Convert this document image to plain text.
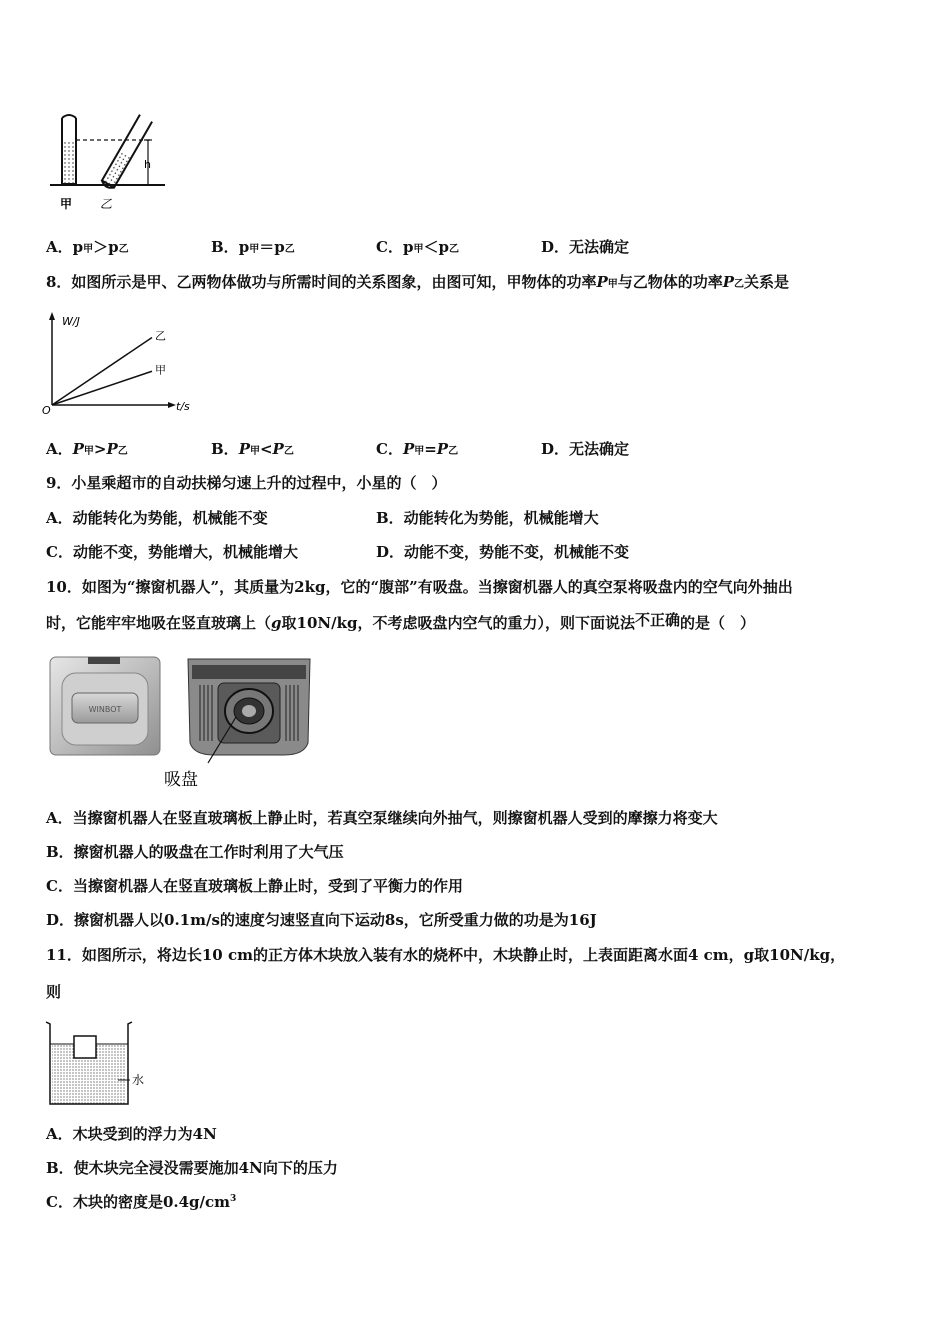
h
甲 乙
A．p甲＞p乙	B．p甲＝p乙	C．p甲＜p乙	D．无法确定
8．如图所示是甲、乙两物体做功与所需时间的关系图象，由图可知，甲物体的功率P甲与乙物体的功率P乙关系是
W/J
t/s
O
乙
甲
A．P甲>P乙	B．P甲<P乙	C．P甲=P乙	D．无法确定
9．小星乘超市的自动扶梯匀速上升的过程中，小星的（　）
A．动能转化为势能，机械能不变	B．动能转化为势能，机械能增大
C．动能不变，势能增大，机械能增大	D．动能不变，势能不变，机械能不变
10．如图为“擦窗机器人”，其质量为2kg，它的“腹部”有吸盘。当擦窗机器人的真空泵将吸盘内的空气向外抽出
时，它能牢牢地吸在竖直玻璃上（g取10N/kg，不考虑吸盘内空气的重力），则下面说法不正确的是（　）
WINBOT
吸盘
A．当擦窗机器人在竖直玻璃板上静止时，若真空泵继续向外抽气，则擦窗机器人受到的摩擦力将变大
B．擦窗机器人的吸盘在工作时利用了大气压
C．当擦窗机器人在竖直玻璃板上静止时，受到了平衡力的作用
D．擦窗机器人以0.1m/s的速度匀速竖直向下运动8s，它所受重力做的功是为16J
11．如图所示，将边长10 cm的正方体木块放入装有水的烧杯中，木块静止时，上表面距离水面4 cm，g取10N/kg，
则
水
A．木块受到的浮力为4N
B．使木块完全浸没需要施加4N向下的压力
C．木块的密度是$0.4g/cm^3$
